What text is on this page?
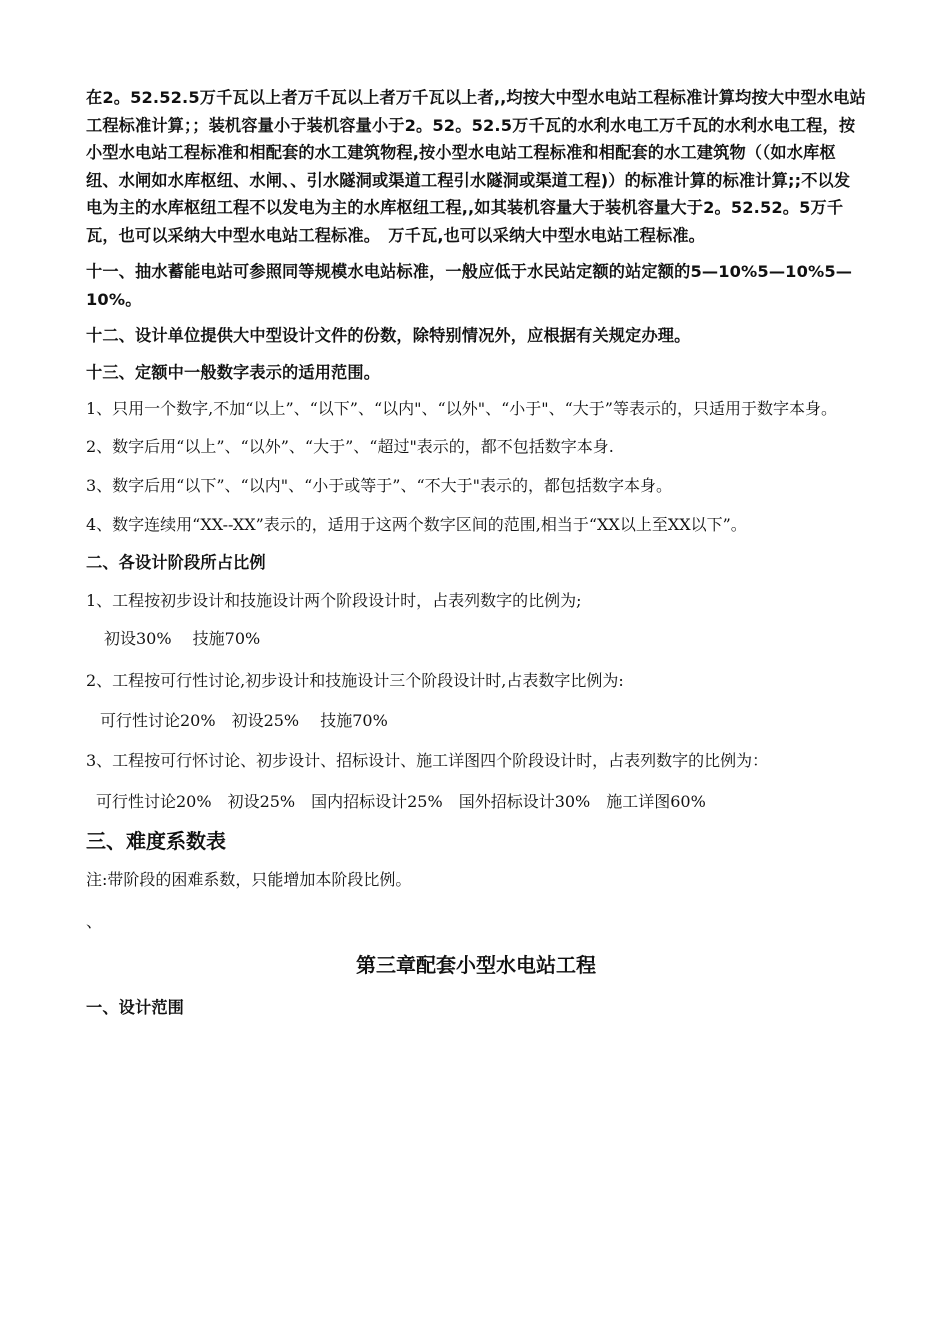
在2。52.52.5万千瓦以上者万千瓦以上者万千瓦以上者,,均按大中型水电站工程标准计算均按大中型水电站工程标准计算；；装机容量小于装机容量小于2。52。52.5万千瓦的水利水电工万千瓦的水利水电工程，按小型水电站工程标准和相配套的水工建筑物程,按小型水电站工程标准和相配套的水工建筑物（（如水库枢纽、水闸如水库枢纽、水闸、、引水隧洞或渠道工程引水隧洞或渠道工程)）的标准计算的标准计算;;不以发电为主的水库枢纽工程不以发电为主的水库枢纽工程,,如其装机容量大于装机容量大于2。52.52。5万千瓦，也可以采纳大中型水电站工程标准。　万千瓦,也可以采纳大中型水电站工程标准。

十一、抽水蓄能电站可参照同等规模水电站标准，一般应低于水民站定额的站定额的5—10%5—10%5—10%。

十二、设计单位提供大中型设计文件的份数，除特别情况外，应根据有关规定办理。

十三、定额中一般数字表示的适用范围。

1、只用一个数字,不加“以上”、“以下”、“以内"、“以外"、“小于"、“大于”等表示的，只适用于数字本身。

2、数字后用“以上”、“以外”、“大于”、“超过"表示的，都不包括数字本身.

3、数字后用“以下”、“以内"、“小于或等于”、“不大于"表示的，都包括数字本身。

4、数字连续用“XX--XX”表示的，适用于这两个数字区间的范围,相当于“XX以上至XX以下”。

二、各设计阶段所占比例

1、工程按初步设计和技施设计两个阶段设计时，占表列数字的比例为;

初设30%　 技施70%

2、工程按可行性讨论,初步设计和技施设计三个阶段设计时,占表数字比例为:

可行性讨论20%　初设25%　 技施70%

3、工程按可行怀讨论、初步设计、招标设计、施工详图四个阶段设计时，占表列数字的比例为：

可行性讨论20%　初设25%　国内招标设计25%　国外招标设计30%　施工详图60%

三、难度系数表

注:带阶段的困难系数，只能增加本阶段比例。

、

第三章配套小型水电站工程

一、设计范围
